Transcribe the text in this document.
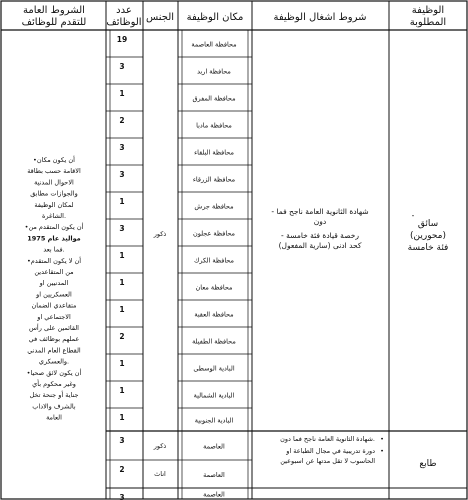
الوظيفة
المطلوبة
شروط اشغال الوظيفة
مكان الوظيفة
الجنس
عدد
الوظائف
الشروط العامة
للتقدم للوظائف
19
محافظة العاصمة
3
محافظة اربد
1
محافظة المفرق
2
محافظة مادبا
3
محافظة البلقاء
3
محافظة الزرقاء
1
محافظة جرش
3
محافظة عجلون
1
محافظة الكرك
1
محافظة معان
1
محافظة العقبة
2
محافظة الطفيلة
1
البادية الوسطى
1
البادية الشمالية
1	البادية الجنوبية
3
العاصمة
2
العاصمة
3	العاصمة
-
سائق
(محورين)
فئة خامسة
- شهادة الثانوية العامة ناجح فما
دون
- رخصة قيادة فئة خامسة
(سارية المفعول) كحد ادنى
ذكور
طابع
•
شهادة الثانوية العامة ناجح فما دون.
•
دورة تدريبية في مجال الطباعة او
الحاسوب لا تقل مدتها عن اسبوعين
ذكور
اناث
•أن يكون مكان
الاقامة حسب بطاقة
الاحوال المدنية
والجوازات مطابق
لمكان الوظيفة
الشاغرة.
•أن يكون المتقدم من
مواليد عام 1975
فما بعد.
•أن لا يكون المتقدم
من المتقاعدين
المدنيين او
العسكريين او
متقاعدي الضمان
الاجتماعي او
القائمين على رأس
عملهم بوظائف في
القطاع العام المدني
والعسكري.
•أن يكون لائق صحيا
وغير محكوم بأي
جناية أو جنحة تخل
بالشرف والاداب
العامة
